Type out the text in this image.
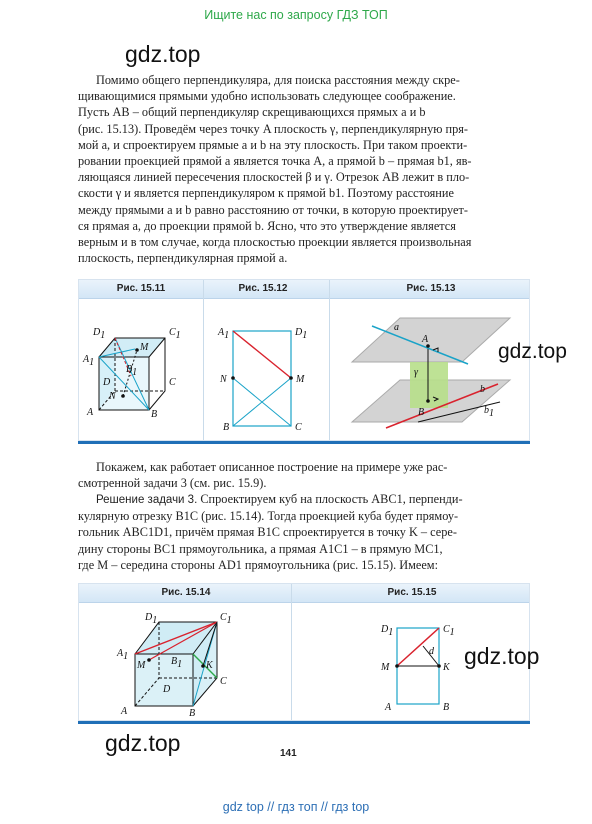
Ищите нас по запросу ГДЗ ТОП
gdz.top
Помимо общего перпендикуляра, для поиска расстояния между скре-
щивающимися прямыми удобно использовать следующее соображение.
Пусть AB – общий перпендикуляр скрещивающихся прямых a и b
(рис. 15.13). Проведём через точку A плоскость γ, перпендикулярную пря-
мой a, и спроектируем прямые a и b на эту плоскость. При таком проекти-
ровании проекцией прямой a является точка A, а прямой b – прямая b1, яв-
ляющаяся линией пересечения плоскостей β и γ. Отрезок AB лежит в пло-
скости γ и является перпендикуляром к прямой b1. Поэтому расстояние
между прямыми a и b равно расстоянию от точки, в которую проектирует-
ся прямая a, до проекции прямой b. Ясно, что это утверждение является
верным и в том случае, когда плоскостью проекции является произвольная
плоскость, перпендикулярная прямой a.
Рис. 15.11	Рис. 15.12	Рис. 15.13
D1	C1
A1
M
B1
D
N
C
A	B
A1	D1
N	M
B	C
a
A
γ
B
b
b1
gdz.top
Покажем, как работает описанное построение на примере уже рас-
смотренной задачи 3 (см. рис. 15.9).
Решение задачи 3. Спроектируем куб на плоскость ABC1, перпенди-
кулярную отрезку B1C (рис. 15.14). Тогда проекцией куба будет прямоу-
гольник ABC1D1, причём прямая B1C спроектируется в точку K – сере-
дину стороны BC1 прямоугольника, а прямая A1C1 – в прямую MC1,
где M – середина стороны AD1 прямоугольника (рис. 15.15). Имеем:
Рис. 15.14	Рис. 15.15
D1	C1
A1
M	B1 K
D
C
A	B
D1	C1
d
M	K
A	B
gdz.top
gdz.top	141
gdz top // гдз топ // гдз top
